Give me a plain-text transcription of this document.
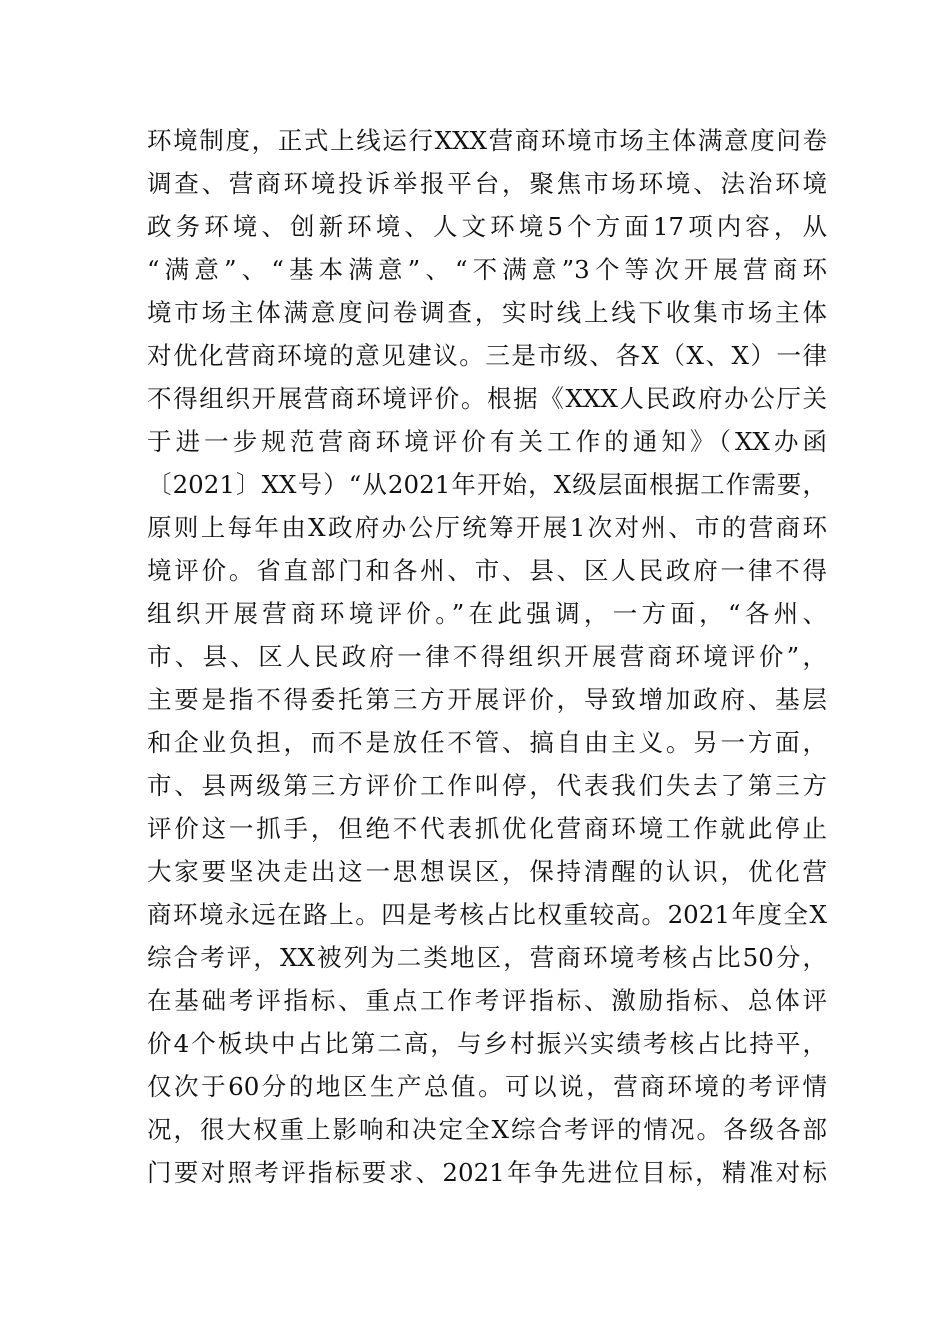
环境制度，正式上线运行XXX营商环境市场主体满意度问卷
调查、营商环境投诉举报平台，聚焦市场环境、法治环境
政务环境、创新环境、人文环境5个方面17项内容，从
“满意”、“基本满意”、“不满意”3个等次开展营商环
境市场主体满意度问卷调查，实时线上线下收集市场主体
对优化营商环境的意见建议。三是市级、各X（X、X）一律
不得组织开展营商环境评价。根据《XXX人民政府办公厅关
于进一步规范营商环境评价有关工作的通知》（XX办函
〔2021〕XX号）“从2021年开始，X级层面根据工作需要，
原则上每年由X政府办公厅统筹开展1次对州、市的营商环
境评价。省直部门和各州、市、县、区人民政府一律不得
组织开展营商环境评价。”在此强调，一方面，“各州、
市、县、区人民政府一律不得组织开展营商环境评价”，
主要是指不得委托第三方开展评价，导致增加政府、基层
和企业负担，而不是放任不管、搞自由主义。另一方面，
市、县两级第三方评价工作叫停，代表我们失去了第三方
评价这一抓手，但绝不代表抓优化营商环境工作就此停止
大家要坚决走出这一思想误区，保持清醒的认识，优化营
商环境永远在路上。四是考核占比权重较高。2021年度全X
综合考评，XX被列为二类地区，营商环境考核占比50分，
在基础考评指标、重点工作考评指标、激励指标、总体评
价4个板块中占比第二高，与乡村振兴实绩考核占比持平，
仅次于60分的地区生产总值。可以说，营商环境的考评情
况，很大权重上影响和决定全X综合考评的情况。各级各部
门要对照考评指标要求、2021年争先进位目标，精准对标
